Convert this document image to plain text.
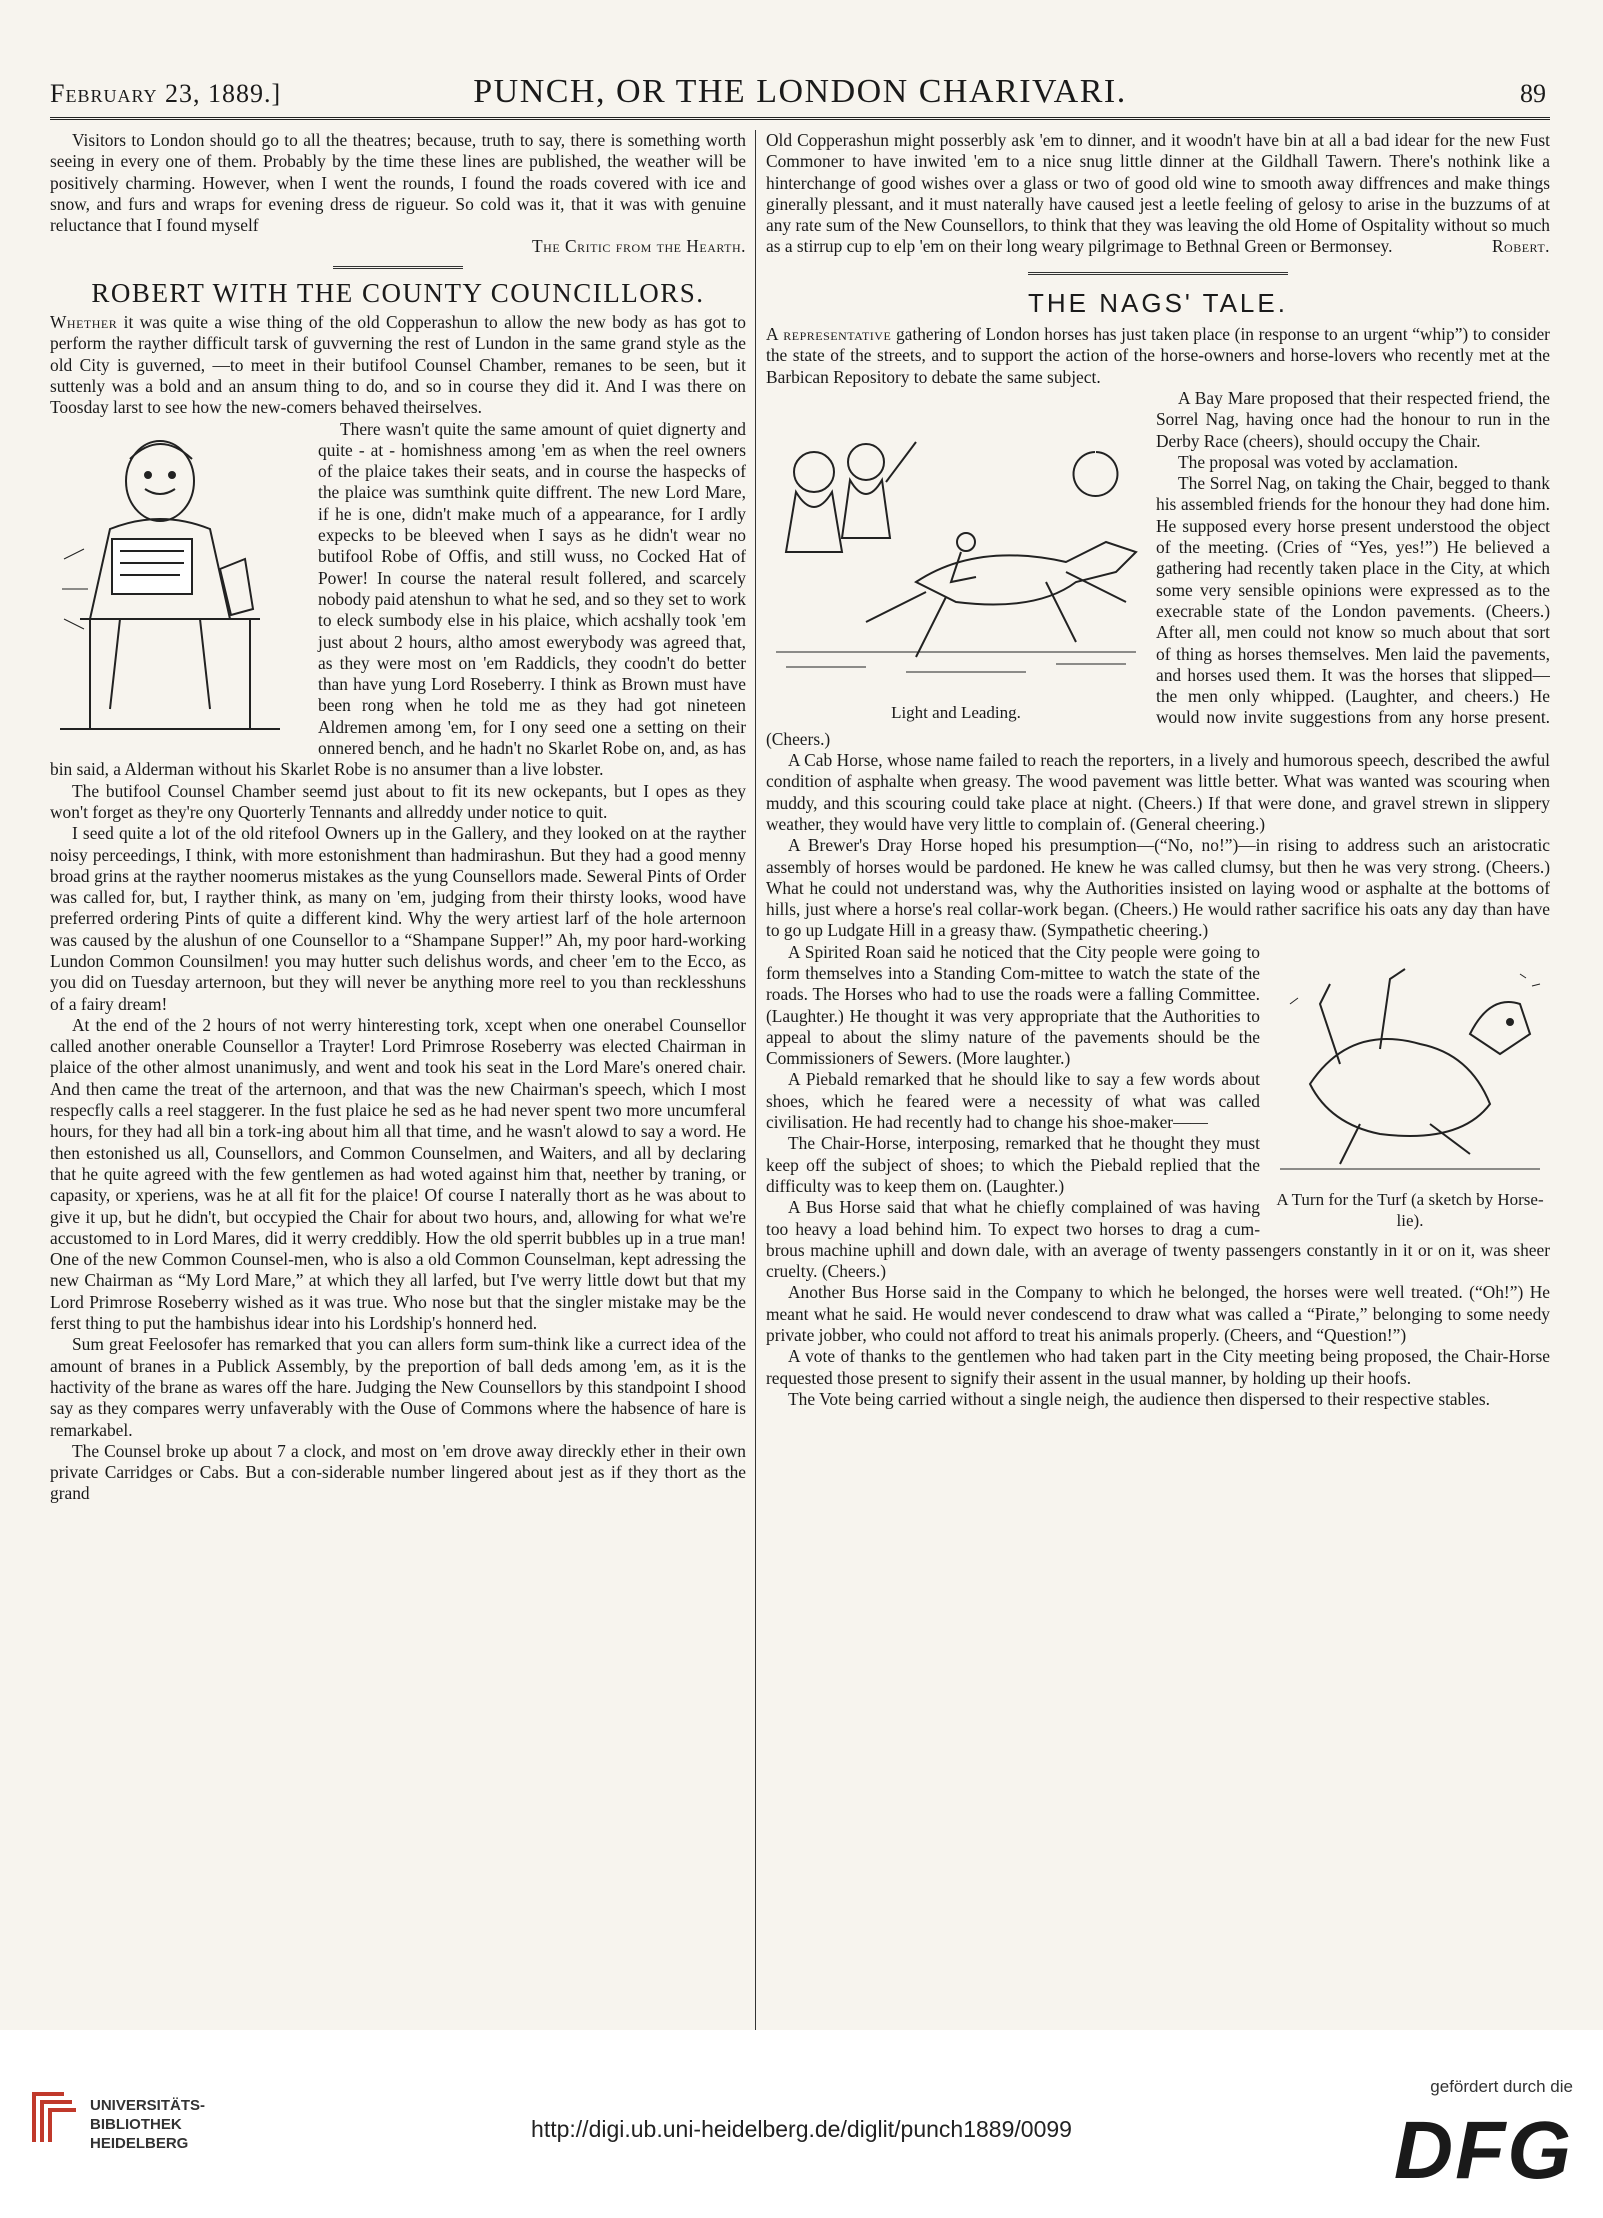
February 23, 1889.]	PUNCH, OR THE LONDON CHARIVARI.	89

Visitors to London should go to all the theatres; because, truth to say, there is something worth seeing in every one of them. Probably by the time these lines are published, the weather will be positively charming. However, when I went the rounds, I found the roads covered with ice and snow, and furs and wraps for evening dress de rigueur. So cold was it, that it was with genuine reluctance that I found myself

The Critic from the Hearth.

ROBERT WITH THE COUNTY COUNCILLORS.

Whether it was quite a wise thing of the old Copperashun to allow the new body as has got to perform the rayther difficult tarsk of guvverning the rest of Lundon in the same grand style as the old City is guverned, —to meet in their butifool Counsel Chamber, remanes to be seen, but it suttenly was a bold and an ansum thing to do, and so in course they did it. And I was there on Toosday larst to see how the new-comers behaved theirselves.

There wasn't quite the same amount of quiet dignerty and quite - at - homishness among 'em as when the reel owners of the plaice takes their seats, and in course the haspecks of the plaice was sumthink quite diffrent. The new Lord Mare, if he is one, didn't make much of a appearance, for I ardly expecks to be bleeved when I says as he didn't wear no butifool Robe of Offis, and still wuss, no Cocked Hat of Power! In course the nateral result follered, and scarcely nobody paid atenshun to what he sed, and so they set to work to eleck sumbody else in his plaice, which acshally took 'em just about 2 hours, altho amost ewerybody was agreed that, as they were most on 'em Raddicls, they coodn't do better than have yung Lord Roseberry. I think as Brown must have been rong when he told me as they had got nineteen Aldremen among 'em, for I ony seed one a setting on their onnered bench, and he hadn't no Skarlet Robe on, and, as has bin said, a Alderman without his Skarlet Robe is no ansumer than a live lobster.

The butifool Counsel Chamber seemd just about to fit its new ockepants, but I opes as they won't forget as they're ony Quorterly Tennants and allreddy under notice to quit.

I seed quite a lot of the old ritefool Owners up in the Gallery, and they looked on at the rayther noisy perceedings, I think, with more estonishment than hadmirashun. But they had a good menny broad grins at the rayther noomerus mistakes as the yung Counsellors made. Seweral Pints of Order was called for, but, I rayther think, as many on 'em, judging from their thirsty looks, wood have preferred ordering Pints of quite a different kind. Why the wery artiest larf of the hole arternoon was caused by the alushun of one Counsellor to a “Shampane Supper!” Ah, my poor hard-working Lundon Common Counsilmen! you may hutter such delishus words, and cheer 'em to the Ecco, as you did on Tuesday arternoon, but they will never be anything more reel to you than recklesshuns of a fairy dream!

At the end of the 2 hours of not werry hinteresting tork, xcept when one onerabel Counsellor called another onerable Counsellor a Trayter! Lord Primrose Roseberry was elected Chairman in plaice of the other almost unanimusly, and went and took his seat in the Lord Mare's onered chair. And then came the treat of the arternoon, and that was the new Chairman's speech, which I most respecfly calls a reel staggerer. In the fust plaice he sed as he had never spent two more uncumferal hours, for they had all bin a tork-ing about him all that time, and he wasn't alowd to say a word. He then estonished us all, Counsellors, and Common Counselmen, and Waiters, and all by declaring that he quite agreed with the few gentlemen as had woted against him that, neether by traning, or capasity, or xperiens, was he at all fit for the plaice! Of course I naterally thort as he was about to give it up, but he didn't, but occypied the Chair for about two hours, and, allowing for what we're accustomed to in Lord Mares, did it werry creddibly. How the old sperrit bubbles up in a true man! One of the new Common Counsel-men, who is also a old Common Counselman, kept adressing the new Chairman as “My Lord Mare,” at which they all larfed, but I've werry little dowt but that my Lord Primrose Roseberry wished as it was true. Who nose but that the singler mistake may be the ferst thing to put the hambishus idear into his Lordship's honnerd hed.

Sum great Feelosofer has remarked that you can allers form sum-think like a currect idea of the amount of branes in a Publick Assembly, by the preportion of ball deds among 'em, as it is the hactivity of the brane as wares off the hare. Judging the New Counsellors by this standpoint I shood say as they compares werry unfaverably with the Ouse of Commons where the habsence of hare is remarkabel.

The Counsel broke up about 7 a clock, and most on 'em drove away direckly ether in their own private Carridges or Cabs. But a con-siderable number lingered about jest as if they thort as the grand

Old Copperashun might posserbly ask 'em to dinner, and it woodn't have bin at all a bad idear for the new Fust Commoner to have inwited 'em to a nice snug little dinner at the Gildhall Tawern. There's nothink like a hinterchange of good wishes over a glass or two of good old wine to smooth away diffrences and make things ginerally plessant, and it must naterally have caused jest a leetle feeling of gelosy to arise in the buzzums of at any rate sum of the New Counsellors, to think that they was leaving the old Home of Ospitality without so much as a stirrup cup to elp 'em on their long weary pilgrimage to Bethnal Green or Bermonsey.	Robert.

THE NAGS' TALE.

A representative gathering of London horses has just taken place (in response to an urgent “whip”) to consider the state of the streets, and to support the action of the horse-owners and horse-lovers who recently met at the Barbican Repository to debate the same subject.

Light and Leading.

A Bay Mare proposed that their respected friend, the Sorrel Nag, having once had the honour to run in the Derby Race (cheers), should occupy the Chair.

The proposal was voted by acclamation.

The Sorrel Nag, on taking the Chair, begged to thank his assembled friends for the honour they had done him. He supposed every horse present understood the object of the meeting. (Cries of “Yes, yes!”) He believed a gathering had recently taken place in the City, at which some very sensible opinions were expressed as to the execrable state of the London pavements. (Cheers.) After all, men could not know so much about that sort of thing as horses themselves. Men laid the pavements, and horses used them. It was the horses that slipped—the men only whipped. (Laughter, and cheers.) He would now invite suggestions from any horse present. (Cheers.)

A Cab Horse, whose name failed to reach the reporters, in a lively and humorous speech, described the awful condition of asphalte when greasy. The wood pavement was little better. What was wanted was scouring when muddy, and this scouring could take place at night. (Cheers.) If that were done, and gravel strewn in slippery weather, they would have very little to complain of. (General cheering.)

A Brewer's Dray Horse hoped his presumption—(“No, no!”)—in rising to address such an aristocratic assembly of horses would be pardoned. He knew he was called clumsy, but then he was very strong. (Cheers.) What he could not understand was, why the Authorities insisted on laying wood or asphalte at the bottoms of hills, just where a horse's real collar-work began. (Cheers.) He would rather sacrifice his oats any day than have to go up Ludgate Hill in a greasy thaw. (Sympathetic cheering.)

A Turn for the Turf (a sketch by Horse-lie).

A Spirited Roan said he noticed that the City people were going to form themselves into a Standing Com-mittee to watch the state of the roads. The Horses who had to use the roads were a falling Committee. (Laughter.) He thought it was very appropriate that the Authorities to appeal to about the slimy nature of the pavements should be the Commissioners of Sewers. (More laughter.)

A Piebald remarked that he should like to say a few words about shoes, which he feared were a necessity of what was called civilisation. He had recently had to change his shoe-maker——

The Chair-Horse, interposing, remarked that he thought they must keep off the subject of shoes; to which the Piebald replied that the difficulty was to keep them on. (Laughter.)

A Bus Horse said that what he chiefly complained of was having too heavy a load behind him. To expect two horses to drag a cum-brous machine uphill and down dale, with an average of twenty passengers constantly in it or on it, was sheer cruelty. (Cheers.)

Another Bus Horse said in the Company to which he belonged, the horses were well treated. (“Oh!”) He meant what he said. He would never condescend to draw what was called a “Pirate,” belonging to some needy private jobber, who could not afford to treat his animals properly. (Cheers, and “Question!”)

A vote of thanks to the gentlemen who had taken part in the City meeting being proposed, the Chair-Horse requested those present to signify their assent in the usual manner, by holding up their hoofs.

The Vote being carried without a single neigh, the audience then dispersed to their respective stables.

UNIVERSITÄTS-
BIBLIOTHEK
HEIDELBERG
http://digi.ub.uni-heidelberg.de/diglit/punch1889/0099
gefördert durch die
DFG
